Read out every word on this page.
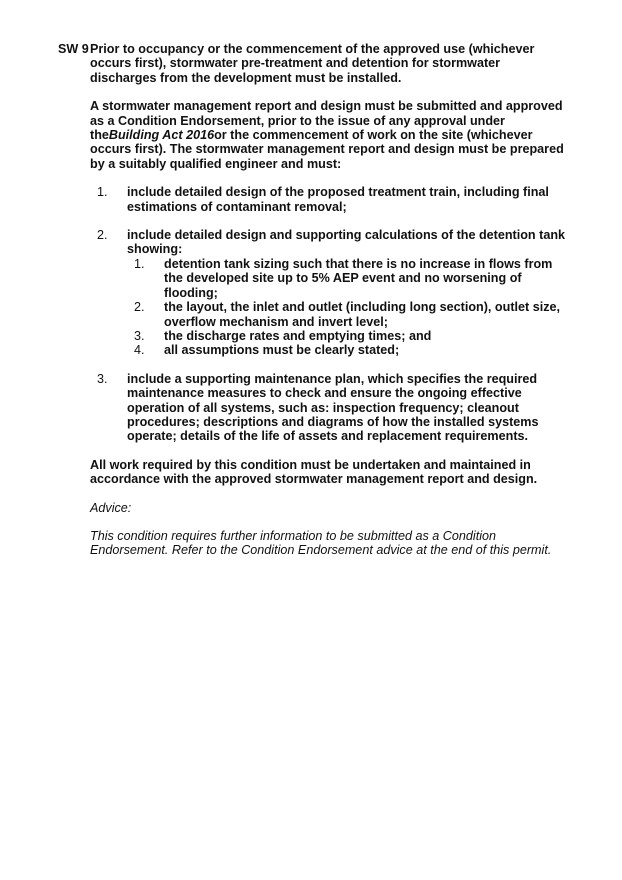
SW 9 Prior to occupancy or the commencement of the approved use (whichever occurs first), stormwater pre-treatment and detention for stormwater discharges from the development must be installed.

A stormwater management report and design must be submitted and approved as a Condition Endorsement, prior to the issue of any approval under theBuilding Act 2016or the commencement of work on the site (whichever occurs first). The stormwater management report and design must be prepared by a suitably qualified engineer and must:

1. include detailed design of the proposed treatment train, including final estimations of contaminant removal;
2. include detailed design and supporting calculations of the detention tank showing:
1. detention tank sizing such that there is no increase in flows from the developed site up to 5% AEP event and no worsening of flooding;
2. the layout, the inlet and outlet (including long section), outlet size, overflow mechanism and invert level;
3. the discharge rates and emptying times; and
4. all assumptions must be clearly stated;
3. include a supporting maintenance plan, which specifies the required maintenance measures to check and ensure the ongoing effective operation of all systems, such as: inspection frequency; cleanout procedures; descriptions and diagrams of how the installed systems operate; details of the life of assets and replacement requirements.

All work required by this condition must be undertaken and maintained in accordance with the approved stormwater management report and design.

Advice:

This condition requires further information to be submitted as a Condition Endorsement. Refer to the Condition Endorsement advice at the end of this permit.
